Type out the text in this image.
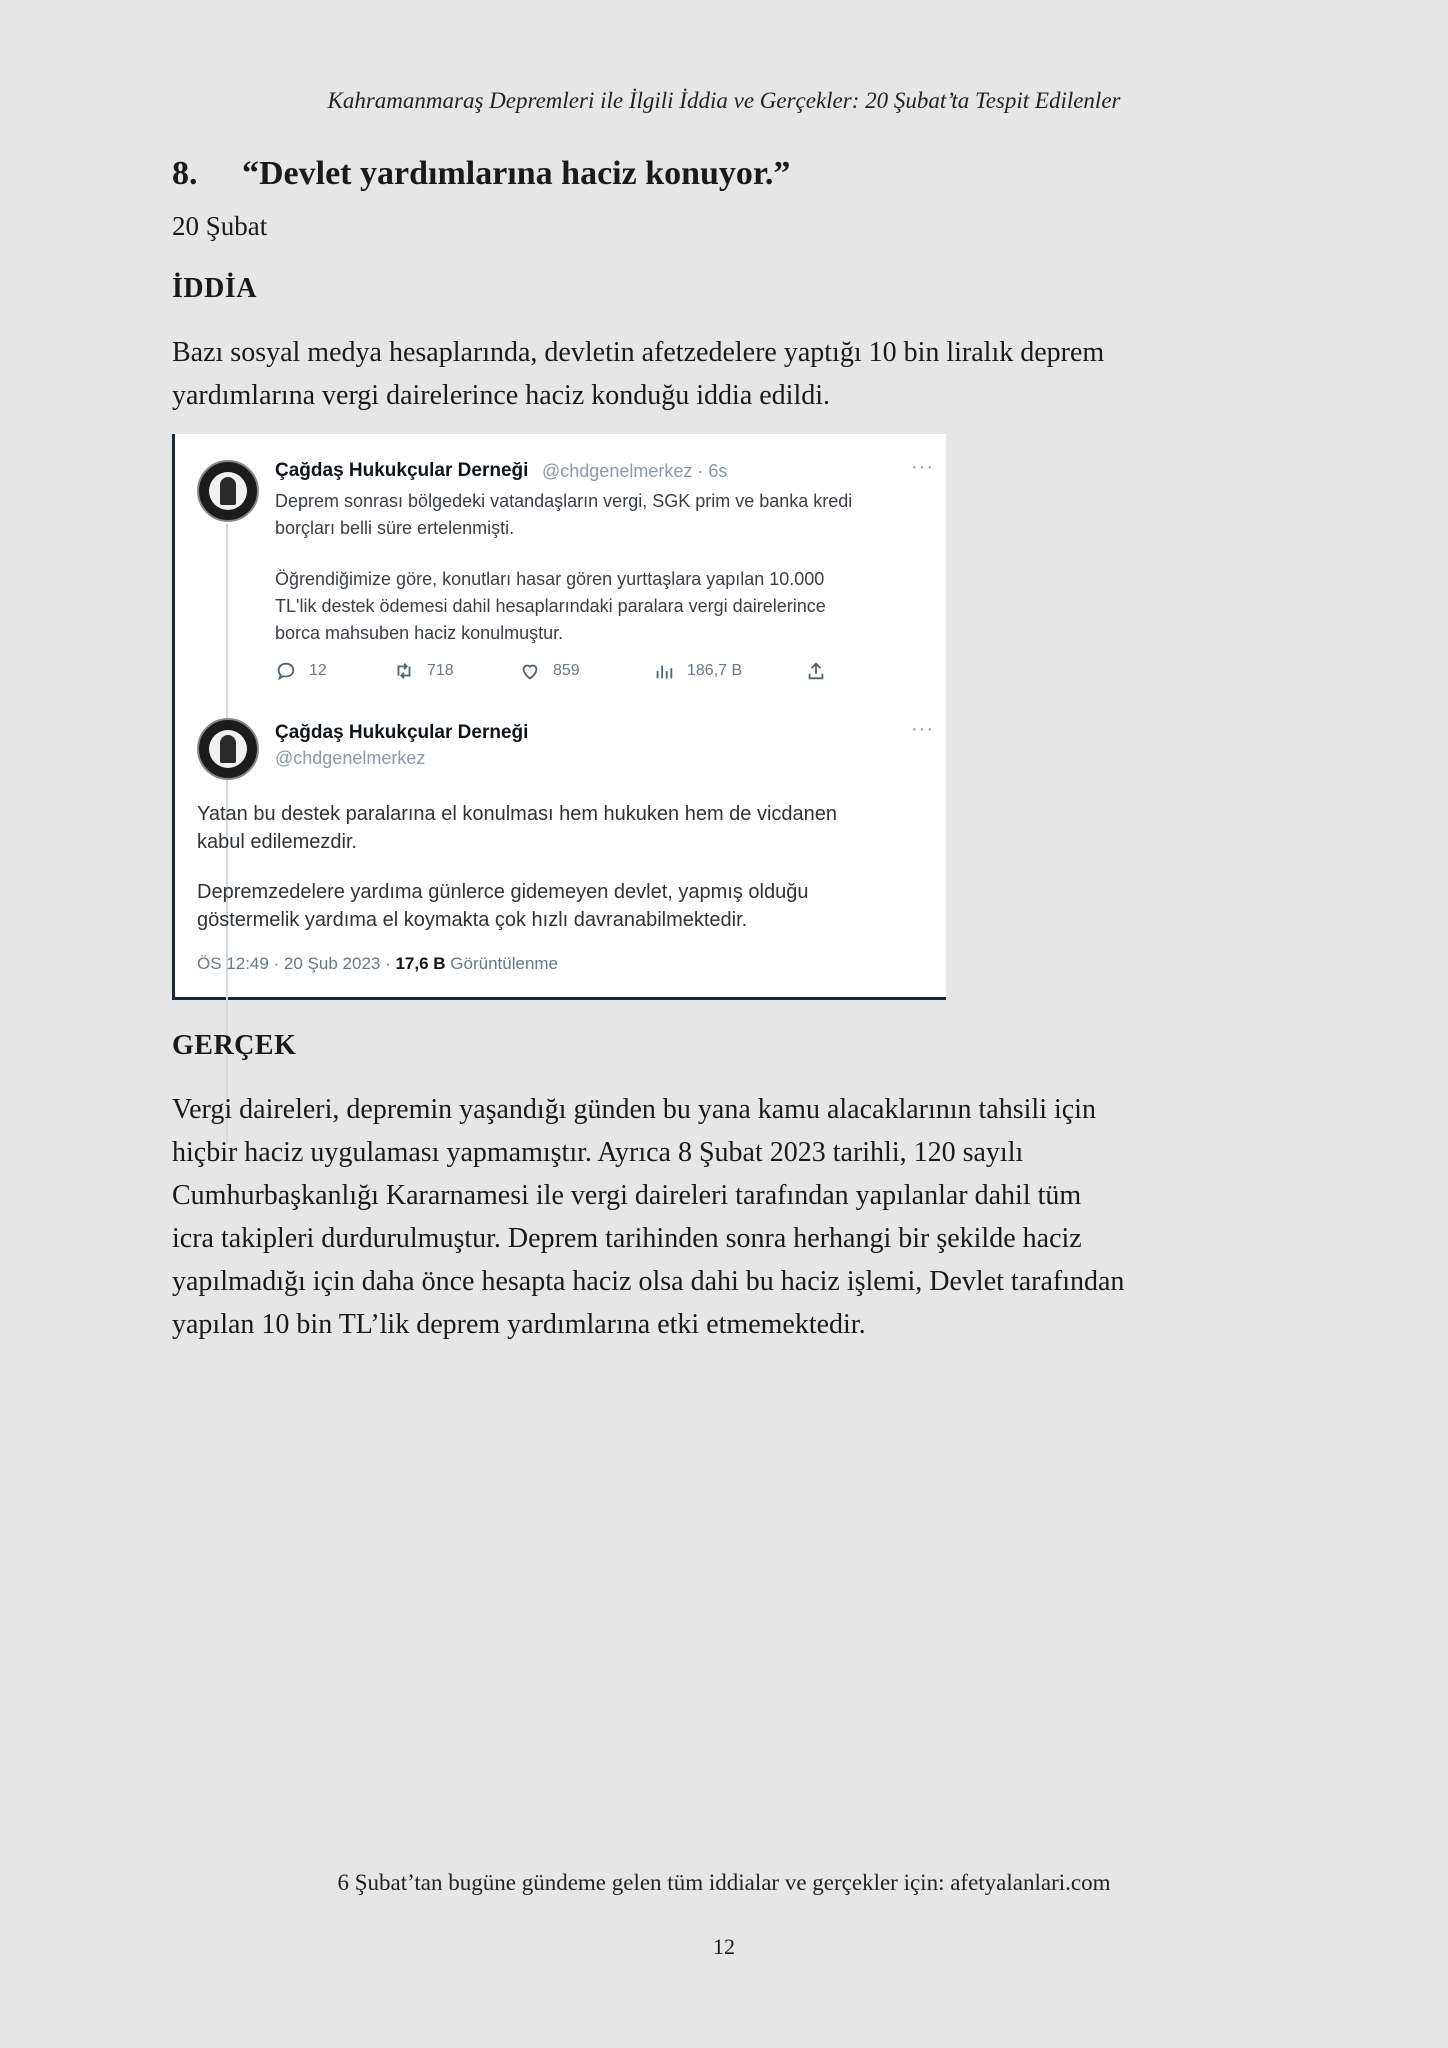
Kahramanmaraş Depremleri ile İlgili İddia ve Gerçekler: 20 Şubat’ta Tespit Edilenler
8.	“Devlet yardımlarına haciz konuyor.”
20 Şubat
İDDİA
Bazı sosyal medya hesaplarında, devletin afetzedelere yaptığı 10 bin liralık deprem
yardımlarına vergi dairelerince haciz konduğu iddia edildi.
Çağdaş Hukukçular Derneği @chdgenelmerkez · 6s	···
Deprem sonrası bölgedeki vatandaşların vergi, SGK prim ve banka kredi
borçları belli süre ertelenmişti.
Öğrendiğimize göre, konutları hasar gören yurttaşlara yapılan 10.000
TL'lik destek ödemesi dahil hesaplarındaki paralara vergi dairelerince
borca mahsuben haciz konulmuştur.
12	718	859	186,7 B
Çağdaş Hukukçular Derneği
@chdgenelmerkez
···
Yatan bu destek paralarına el konulması hem hukuken hem de vicdanen
kabul edilemezdir.
Depremzedelere yardıma günlerce gidemeyen devlet, yapmış olduğu
göstermelik yardıma el koymakta çok hızlı davranabilmektedir.
ÖS 12:49 · 20 Şub 2023 · 17,6 B Görüntülenme
GERÇEK
Vergi daireleri, depremin yaşandığı günden bu yana kamu alacaklarının tahsili için
hiçbir haciz uygulaması yapmamıştır. Ayrıca 8 Şubat 2023 tarihli, 120 sayılı
Cumhurbaşkanlığı Kararnamesi ile vergi daireleri tarafından yapılanlar dahil tüm
icra takipleri durdurulmuştur. Deprem tarihinden sonra herhangi bir şekilde haciz
yapılmadığı için daha önce hesapta haciz olsa dahi bu haciz işlemi, Devlet tarafından
yapılan 10 bin TL’lik deprem yardımlarına etki etmemektedir.
6 Şubat’tan bugüne gündeme gelen tüm iddialar ve gerçekler için: afetyalanlari.com
12
